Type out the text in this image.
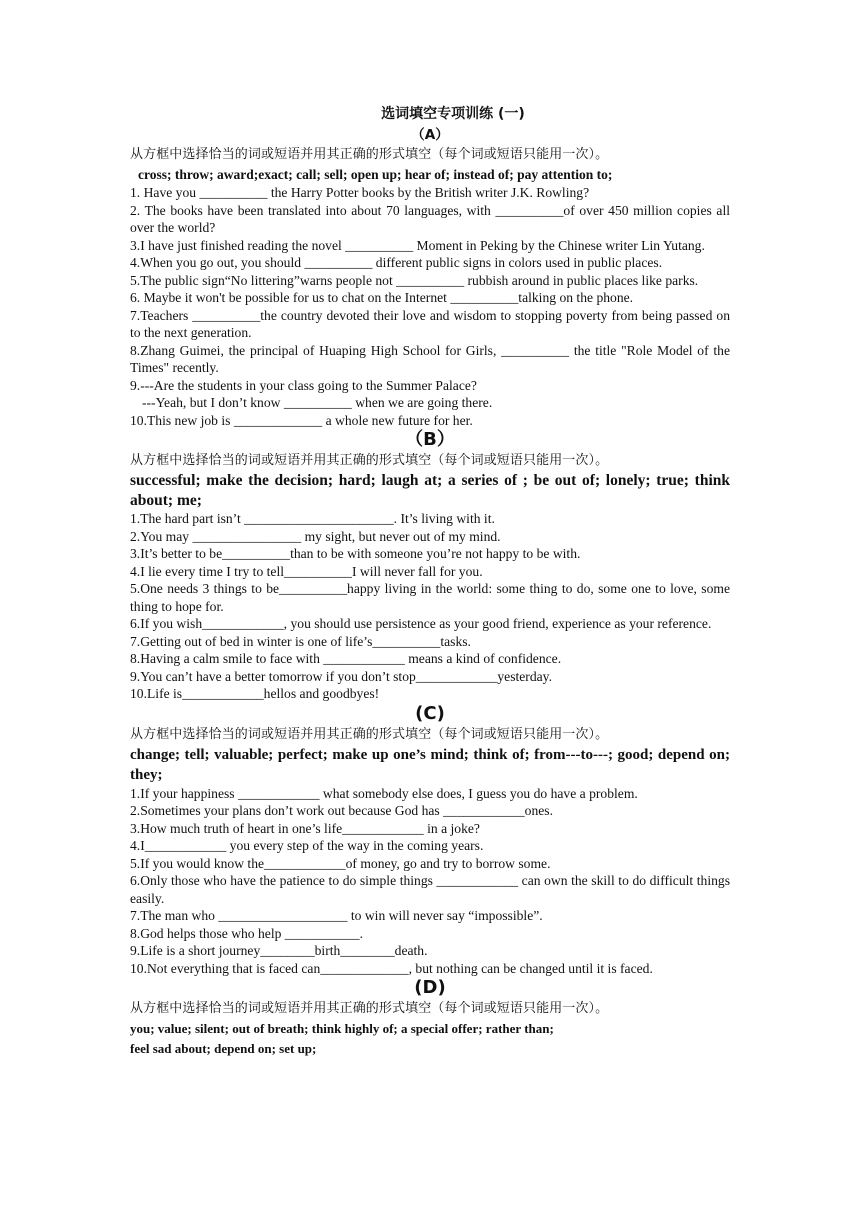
选词填空专项训练 (一)
（A）
从方框中选择恰当的词或短语并用其正确的形式填空（每个词或短语只能用一次）。
cross; throw; award;exact; call; sell; open up; hear of; instead of; pay attention to;
1. Have you __________ the Harry Potter books by the British writer J.K. Rowling?
2. The books have been translated into about 70 languages, with __________of over 450 million copies all over the world?
3.I have just finished reading the novel __________ Moment in Peking by the Chinese writer Lin Yutang.
4.When you go out, you should __________ different public signs in colors used in public places.
5.The public sign“No littering”warns people not __________ rubbish around in public places like parks.
6. Maybe it won't be possible for us to chat on the Internet __________talking on the phone.
7.Teachers __________the country devoted their love and wisdom to stopping poverty from being passed on to the next generation.
8.Zhang Guimei, the principal of Huaping High School for Girls, __________ the title "Role Model of the Times" recently.
9.---Are the students in your class going to the Summer Palace?
---Yeah, but I don’t know __________ when we are going there.
10.This new job is _____________ a whole new future for her.
（B）
从方框中选择恰当的词或短语并用其正确的形式填空（每个词或短语只能用一次）。
successful; make the decision; hard; laugh at; a series of ; be out of; lonely; true; think about; me;
1.The hard part isn’t ______________________. It’s living with it.
2.You may ________________ my sight, but never out of my mind.
3.It’s better to be__________than to be with someone you’re not happy to be with.
4.I lie every time I try to tell__________I will never fall for you.
5.One needs 3 things to be__________happy living in the world: some thing to do, some one to love, some thing to hope for.
6.If you wish____________, you should use persistence as your good friend, experience as your reference.
7.Getting out of bed in winter is one of life’s__________tasks.
8.Having a calm smile to face with ____________ means a kind of confidence.
9.You can’t have a better tomorrow if you don’t stop____________yesterday.
10.Life is____________hellos and goodbyes!
(C)
从方框中选择恰当的词或短语并用其正确的形式填空（每个词或短语只能用一次）。
change; tell; valuable; perfect; make up one’s mind; think of; from---to---; good; depend on; they;
1.If your happiness ____________ what somebody else does, I guess you do have a problem.
2.Sometimes your plans don’t work out because God has ____________ones.
3.How much truth of heart in one’s life____________ in a joke?
4.I____________ you every step of the way in the coming years.
5.If you would know the____________of money, go and try to borrow some.
6.Only those who have the patience to do simple things ____________ can own the skill to do difficult things easily.
7.The man who ___________________ to win will never say “impossible”.
8.God helps those who help ___________.
9.Life is a short journey________birth________death.
10.Not everything that is faced can_____________, but nothing can be changed until it is faced.
(D)
从方框中选择恰当的词或短语并用其正确的形式填空（每个词或短语只能用一次）。
you; value; silent; out of breath; think highly of; a special offer; rather than;
feel sad about; depend on; set up;
